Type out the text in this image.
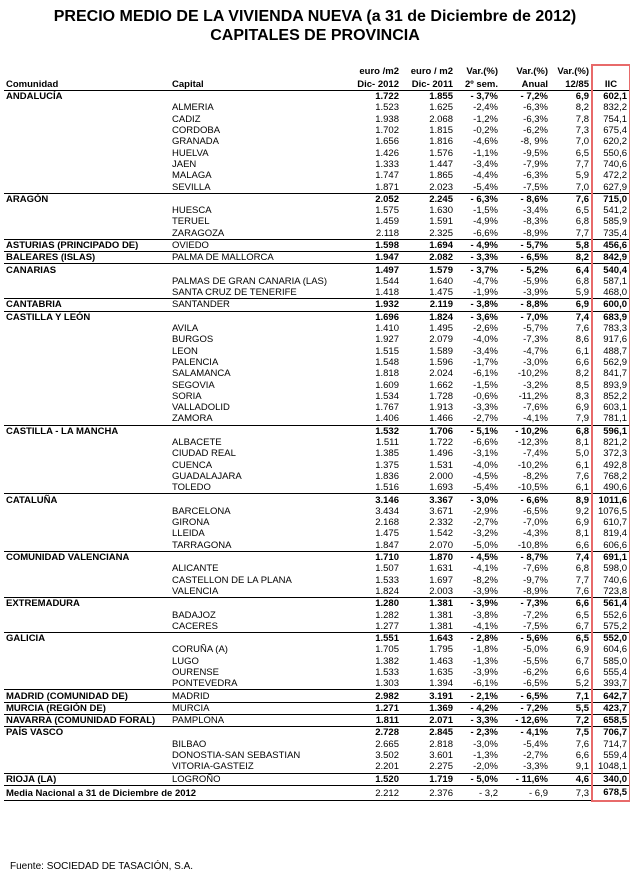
PRECIO MEDIO DE LA VIVIENDA NUEVA (a 31 de Diciembre de 2012)
CAPITALES DE PROVINCIA
		euro /m2	euro / m2	Var.(%)	Var.(%)	Var.(%)	
Comunidad	Capital	Dic- 2012	Dic- 2011	2º sem.	Anual	12/85	IIC
ANDALUCÍA		1.722	1.855	- 3,7%	- 7,2%	6,9	602,1
	ALMERIA	1.523	1.625	-2,4%	-6,3%	8,2	832,2
	CADIZ	1.938	2.068	-1,2%	-6,3%	7,8	754,1
	CORDOBA	1.702	1.815	-0,2%	-6,2%	7,3	675,4
	GRANADA	1.656	1.816	-4,6%	-8, 9%	7,0	620,2
	HUELVA	1.426	1.576	-1,1%	-9,5%	6,5	550,6
	JAEN	1.333	1.447	-3,4%	-7,9%	7,7	740,6
	MALAGA	1.747	1.865	-4,4%	-6,3%	5,9	472,2
	SEVILLA	1.871	2.023	-5,4%	-7,5%	7,0	627,9
ARAGÓN		2.052	2.245	- 6,3%	- 8,6%	7,6	715,0
	HUESCA	1.575	1.630	-1,5%	-3,4%	6,5	541,2
	TERUEL	1.459	1.591	-4,9%	-8,3%	6,8	585,9
	ZARAGOZA	2.118	2.325	-6,6%	-8,9%	7,7	735,4
ASTURIAS (PRINCIPADO DE)	OVIEDO	1.598	1.694	- 4,9%	- 5,7%	5,8	456,6
BALEARES (ISLAS)	PALMA DE MALLORCA	1.947	2.082	- 3,3%	- 6,5%	8,2	842,9
CANARIAS		1.497	1.579	- 3,7%	- 5,2%	6,4	540,4
	PALMAS DE GRAN CANARIA (LAS)	1.544	1.640	-4,7%	-5,9%	6,8	587,1
	SANTA CRUZ DE TENERIFE	1.418	1.475	-1,9%	-3,9%	5,9	468,0
CANTABRIA	SANTANDER	1.932	2.119	- 3,8%	- 8,8%	6,9	600,0
CASTILLA Y LEÓN		1.696	1.824	- 3,6%	- 7,0%	7,4	683,9
	AVILA	1.410	1.495	-2,6%	-5,7%	7,6	783,3
	BURGOS	1.927	2.079	-4,0%	-7,3%	8,6	917,6
	LEON	1.515	1.589	-3,4%	-4,7%	6,1	488,7
	PALENCIA	1.548	1.596	-1,7%	-3,0%	6,6	562,9
	SALAMANCA	1.818	2.024	-6,1%	-10,2%	8,2	841,7
	SEGOVIA	1.609	1.662	-1,5%	-3,2%	8,5	893,9
	SORIA	1.534	1.728	-0,6%	-11,2%	8,3	852,2
	VALLADOLID	1.767	1.913	-3,3%	-7,6%	6,9	603,1
	ZAMORA	1.406	1.466	-2,7%	-4,1%	7,9	781,1
CASTILLA - LA MANCHA		1.532	1.706	- 5,1%	- 10,2%	6,8	596,1
	ALBACETE	1.511	1.722	-6,6%	-12,3%	8,1	821,2
	CIUDAD REAL	1.385	1.496	-3,1%	-7,4%	5,0	372,3
	CUENCA	1.375	1.531	-4,0%	-10,2%	6,1	492,8
	GUADALAJARA	1.836	2.000	-4,5%	-8,2%	7,6	768,2
	TOLEDO	1.516	1.693	-5,4%	-10,5%	6,1	490,6
CATALUÑA		3.146	3.367	- 3,0%	- 6,6%	8,9	1011,6
	BARCELONA	3.434	3.671	-2,9%	-6,5%	9,2	1076,5
	GIRONA	2.168	2.332	-2,7%	-7,0%	6,9	610,7
	LLEIDA	1.475	1.542	-3,2%	-4,3%	8,1	819,4
	TARRAGONA	1.847	2.070	-5,0%	-10,8%	6,6	606,6
COMUNIDAD VALENCIANA		1.710	1.870	- 4,5%	- 8,7%	7,4	691,1
	ALICANTE	1.507	1.631	-4,1%	-7,6%	6,8	598,0
	CASTELLON DE LA PLANA	1.533	1.697	-8,2%	-9,7%	7,7	740,6
	VALENCIA	1.824	2.003	-3,9%	-8,9%	7,6	723,8
EXTREMADURA		1.280	1.381	- 3,9%	- 7,3%	6,6	561,4
	BADAJOZ	1.282	1.381	-3,8%	-7,2%	6,5	552,6
	CACERES	1.277	1.381	-4,1%	-7,5%	6,7	575,2
GALICIA		1.551	1.643	- 2,8%	- 5,6%	6,5	552,0
	CORUÑA (A)	1.705	1.795	-1,8%	-5,0%	6,9	604,6
	LUGO	1.382	1.463	-1,3%	-5,5%	6,7	585,0
	OURENSE	1.533	1.635	-3,9%	-6,2%	6,6	555,4
	PONTEVEDRA	1.303	1.394	-6,1%	-6,5%	5,2	393,7
MADRID (COMUNIDAD DE)	MADRID	2.982	3.191	- 2,1%	- 6,5%	7,1	642,7
MURCIA (REGIÓN DE)	MURCIA	1.271	1.369	- 4,2%	- 7,2%	5,5	423,7
NAVARRA (COMUNIDAD FORAL)	PAMPLONA	1.811	2.071	- 3,3%	- 12,6%	7,2	658,5
PAÍS VASCO		2.728	2.845	- 2,3%	- 4,1%	7,5	706,7
	BILBAO	2.665	2.818	-3,0%	-5,4%	7,6	714,7
	DONOSTIA-SAN SEBASTIAN	3.502	3.601	-1,3%	-2,7%	6,6	559,4
	VITORIA-GASTEIZ	2.201	2.275	-2,0%	-3,3%	9,1	1048,1
RIOJA (LA)	LOGROÑO	1.520	1.719	- 5,0%	- 11,6%	4,6	340,0
Media Nacional a 31 de Diciembre de 2012		2.212	2.376	- 3,2	- 6,9	7,3	678,5
Fuente: SOCIEDAD DE TASACIÓN, S.A.
